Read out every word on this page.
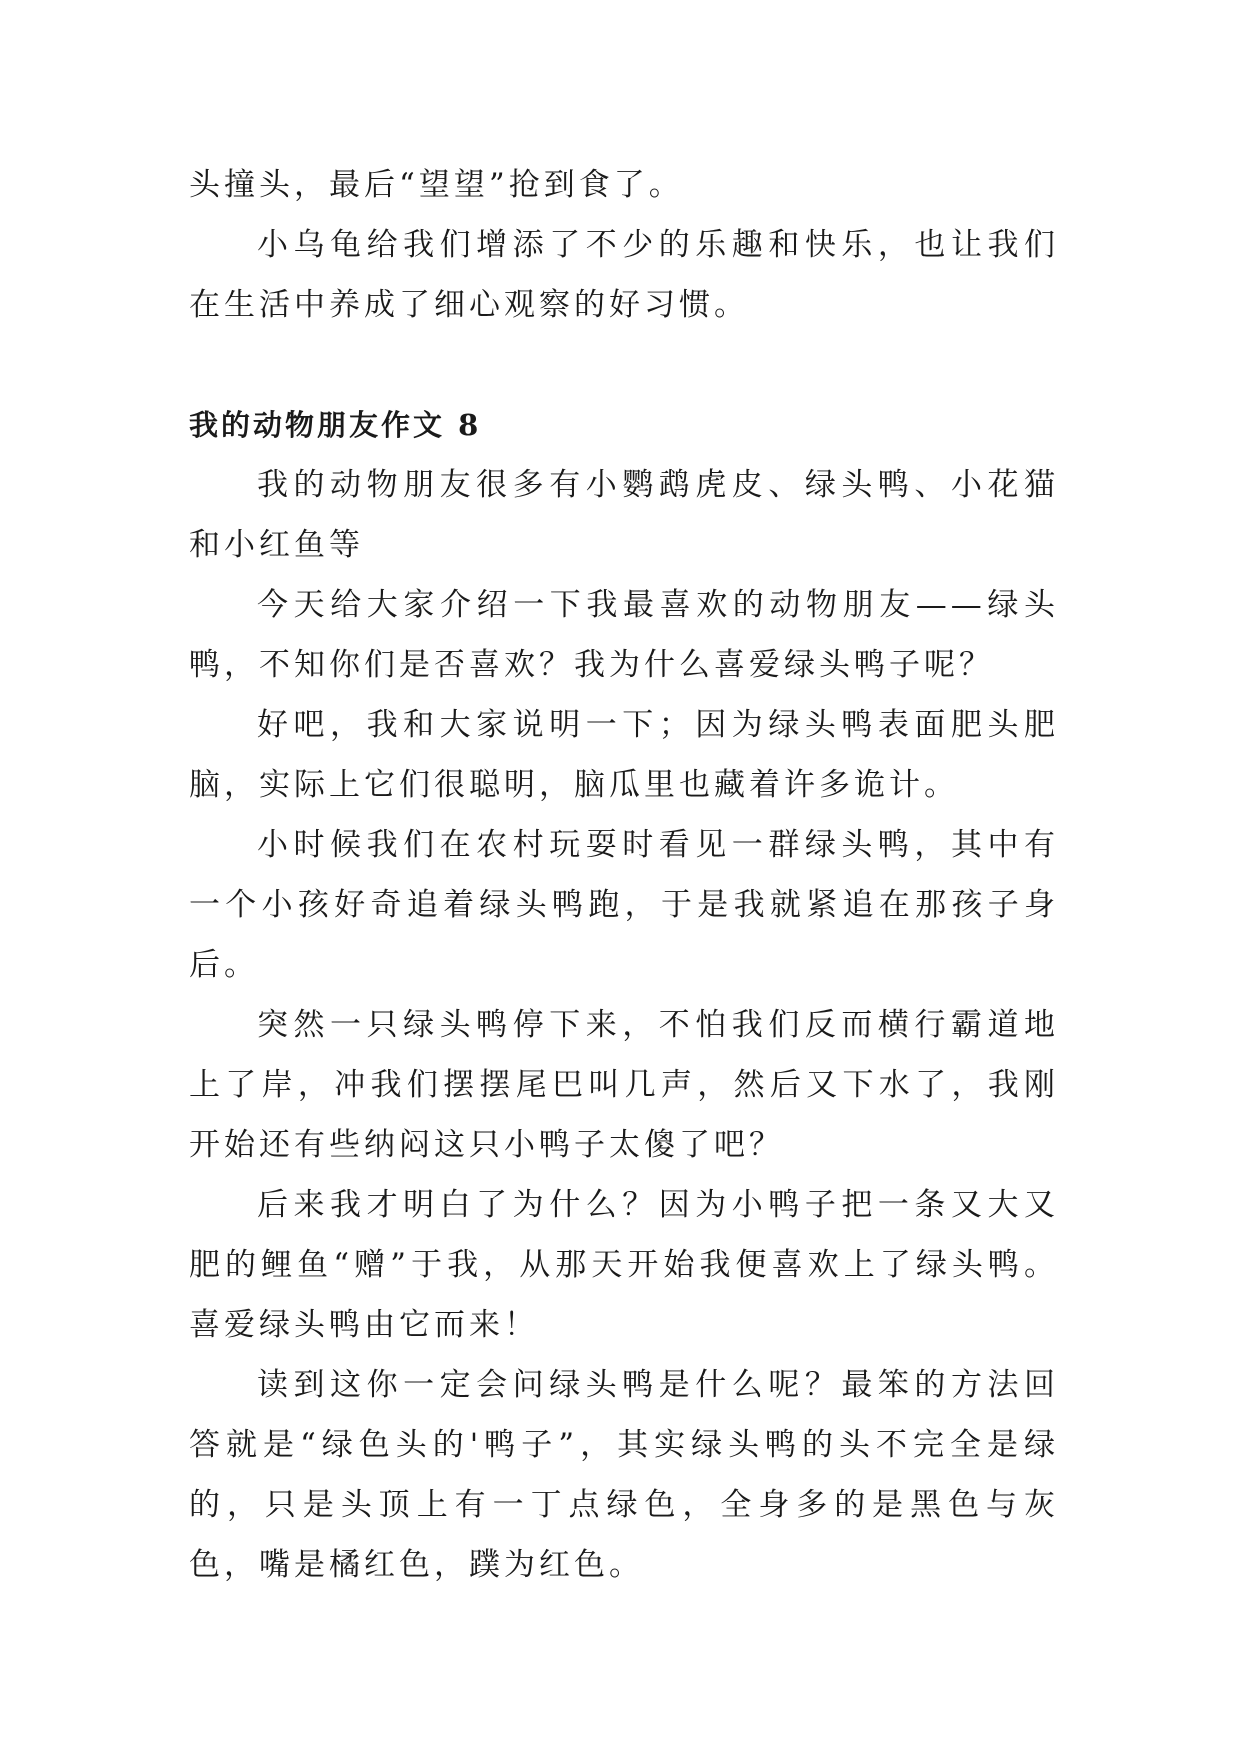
头撞头，最后“望望”抢到食了。

小乌龟给我们增添了不少的乐趣和快乐，也让我们在生活中养成了细心观察的好习惯。

我的动物朋友作文 8

我的动物朋友很多有小鹦鹉虎皮、绿头鸭、小花猫和小红鱼等

今天给大家介绍一下我最喜欢的动物朋友——绿头鸭，不知你们是否喜欢？我为什么喜爱绿头鸭子呢？

好吧，我和大家说明一下；因为绿头鸭表面肥头肥脑，实际上它们很聪明，脑瓜里也藏着许多诡计。

小时候我们在农村玩耍时看见一群绿头鸭，其中有一个小孩好奇追着绿头鸭跑，于是我就紧追在那孩子身后。

突然一只绿头鸭停下来，不怕我们反而横行霸道地上了岸，冲我们摆摆尾巴叫几声，然后又下水了，我刚开始还有些纳闷这只小鸭子太傻了吧？

后来我才明白了为什么？因为小鸭子把一条又大又肥的鲤鱼“赠”于我，从那天开始我便喜欢上了绿头鸭。喜爱绿头鸭由它而来！

读到这你一定会问绿头鸭是什么呢？最笨的方法回答就是“绿色头的'鸭子”，其实绿头鸭的头不完全是绿的，只是头顶上有一丁点绿色，全身多的是黑色与灰色，嘴是橘红色，蹼为红色。
